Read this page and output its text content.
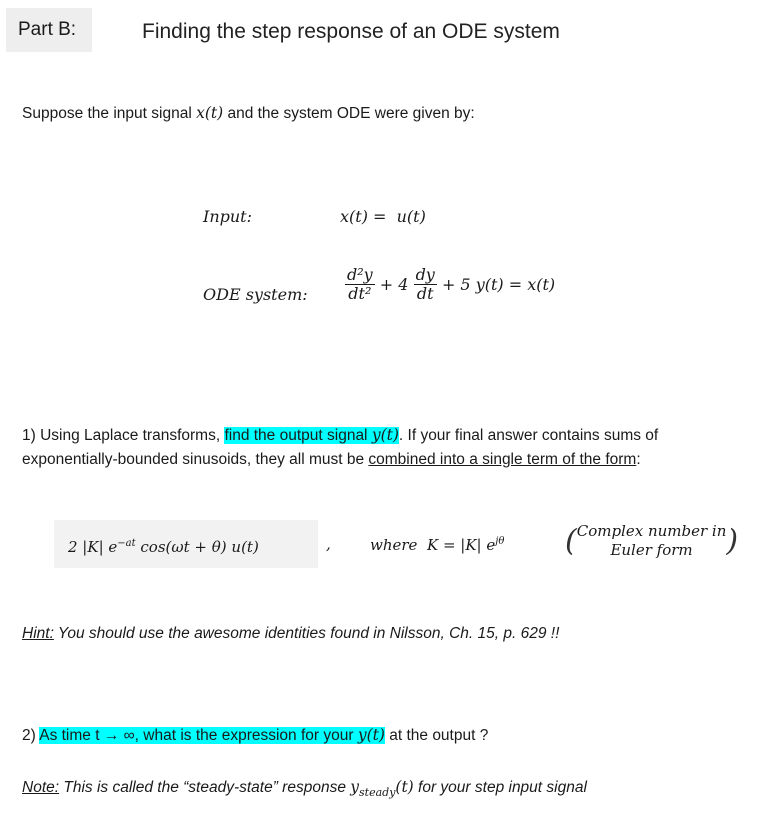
Part B:	Finding the step response of an ODE system
Suppose the input signal x(t) and the system ODE were given by:
Input:	x(t) = u(t)
ODE system: $\frac{\text{d²y}}{\text{dt²}} + 4 \frac{dy}{dt} + 5$ y(t) = x(t)
1) Using Laplace transforms, find the output signal y(t). If your final answer contains sums of
exponentially-bounded sinusoids, they all must be combined into a single term of the form:
2 |K| $e^{-at}$ cos(ωt + θ) u(t)	,	where K = |K| $e^{j\theta}$ ( Complex number in
Euler form	)
Hint: You should use the awesome identities found in Nilsson, Ch. 15, p. 629 !!
2) As time t → ∞, what is the expression for your y(t) at the output ?
Note: This is called the “steady-state” response $y_{steady}(t)$ for your step input signal
